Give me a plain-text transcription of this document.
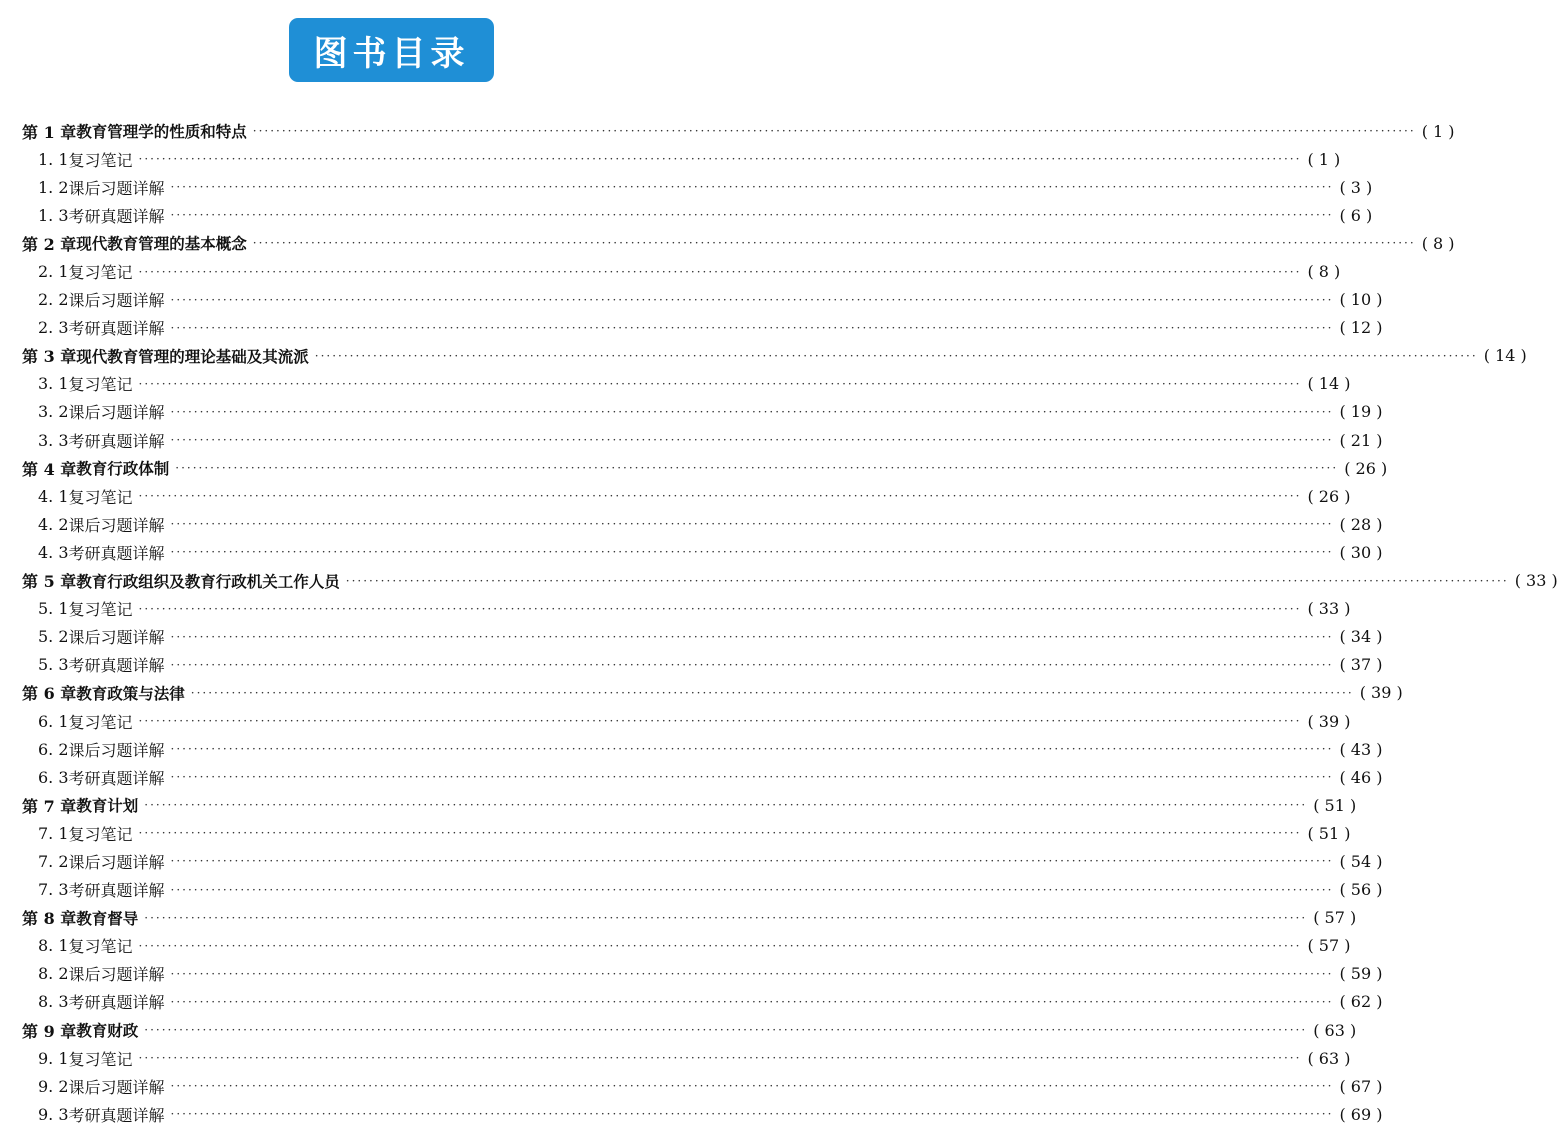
图书目录
第 1 章 教育管理学的性质和特点 ········································································································································································································ ( 1 )
1. 1 复习笔记 ········································································································································································································ ( 1 )
1. 2 课后习题详解 ········································································································································································································ ( 3 )
1. 3 考研真题详解 ········································································································································································································ ( 6 )
第 2 章 现代教育管理的基本概念 ········································································································································································································ ( 8 )
2. 1 复习笔记 ········································································································································································································ ( 8 )
2. 2 课后习题详解 ········································································································································································································ ( 10 )
2. 3 考研真题详解 ········································································································································································································ ( 12 )
第 3 章 现代教育管理的理论基础及其流派 ········································································································································································································ ( 14 )
3. 1 复习笔记 ········································································································································································································ ( 14 )
3. 2 课后习题详解 ········································································································································································································ ( 19 )
3. 3 考研真题详解 ········································································································································································································ ( 21 )
第 4 章 教育行政体制 ········································································································································································································ ( 26 )
4. 1 复习笔记 ········································································································································································································ ( 26 )
4. 2 课后习题详解 ········································································································································································································ ( 28 )
4. 3 考研真题详解 ········································································································································································································ ( 30 )
第 5 章 教育行政组织及教育行政机关工作人员 ········································································································································································································ ( 33 )
5. 1 复习笔记 ········································································································································································································ ( 33 )
5. 2 课后习题详解 ········································································································································································································ ( 34 )
5. 3 考研真题详解 ········································································································································································································ ( 37 )
第 6 章 教育政策与法律 ········································································································································································································ ( 39 )
6. 1 复习笔记 ········································································································································································································ ( 39 )
6. 2 课后习题详解 ········································································································································································································ ( 43 )
6. 3 考研真题详解 ········································································································································································································ ( 46 )
第 7 章 教育计划 ········································································································································································································ ( 51 )
7. 1 复习笔记 ········································································································································································································ ( 51 )
7. 2 课后习题详解 ········································································································································································································ ( 54 )
7. 3 考研真题详解 ········································································································································································································ ( 56 )
第 8 章 教育督导 ········································································································································································································ ( 57 )
8. 1 复习笔记 ········································································································································································································ ( 57 )
8. 2 课后习题详解 ········································································································································································································ ( 59 )
8. 3 考研真题详解 ········································································································································································································ ( 62 )
第 9 章 教育财政 ········································································································································································································ ( 63 )
9. 1 复习笔记 ········································································································································································································ ( 63 )
9. 2 课后习题详解 ········································································································································································································ ( 67 )
9. 3 考研真题详解 ········································································································································································································ ( 69 )
